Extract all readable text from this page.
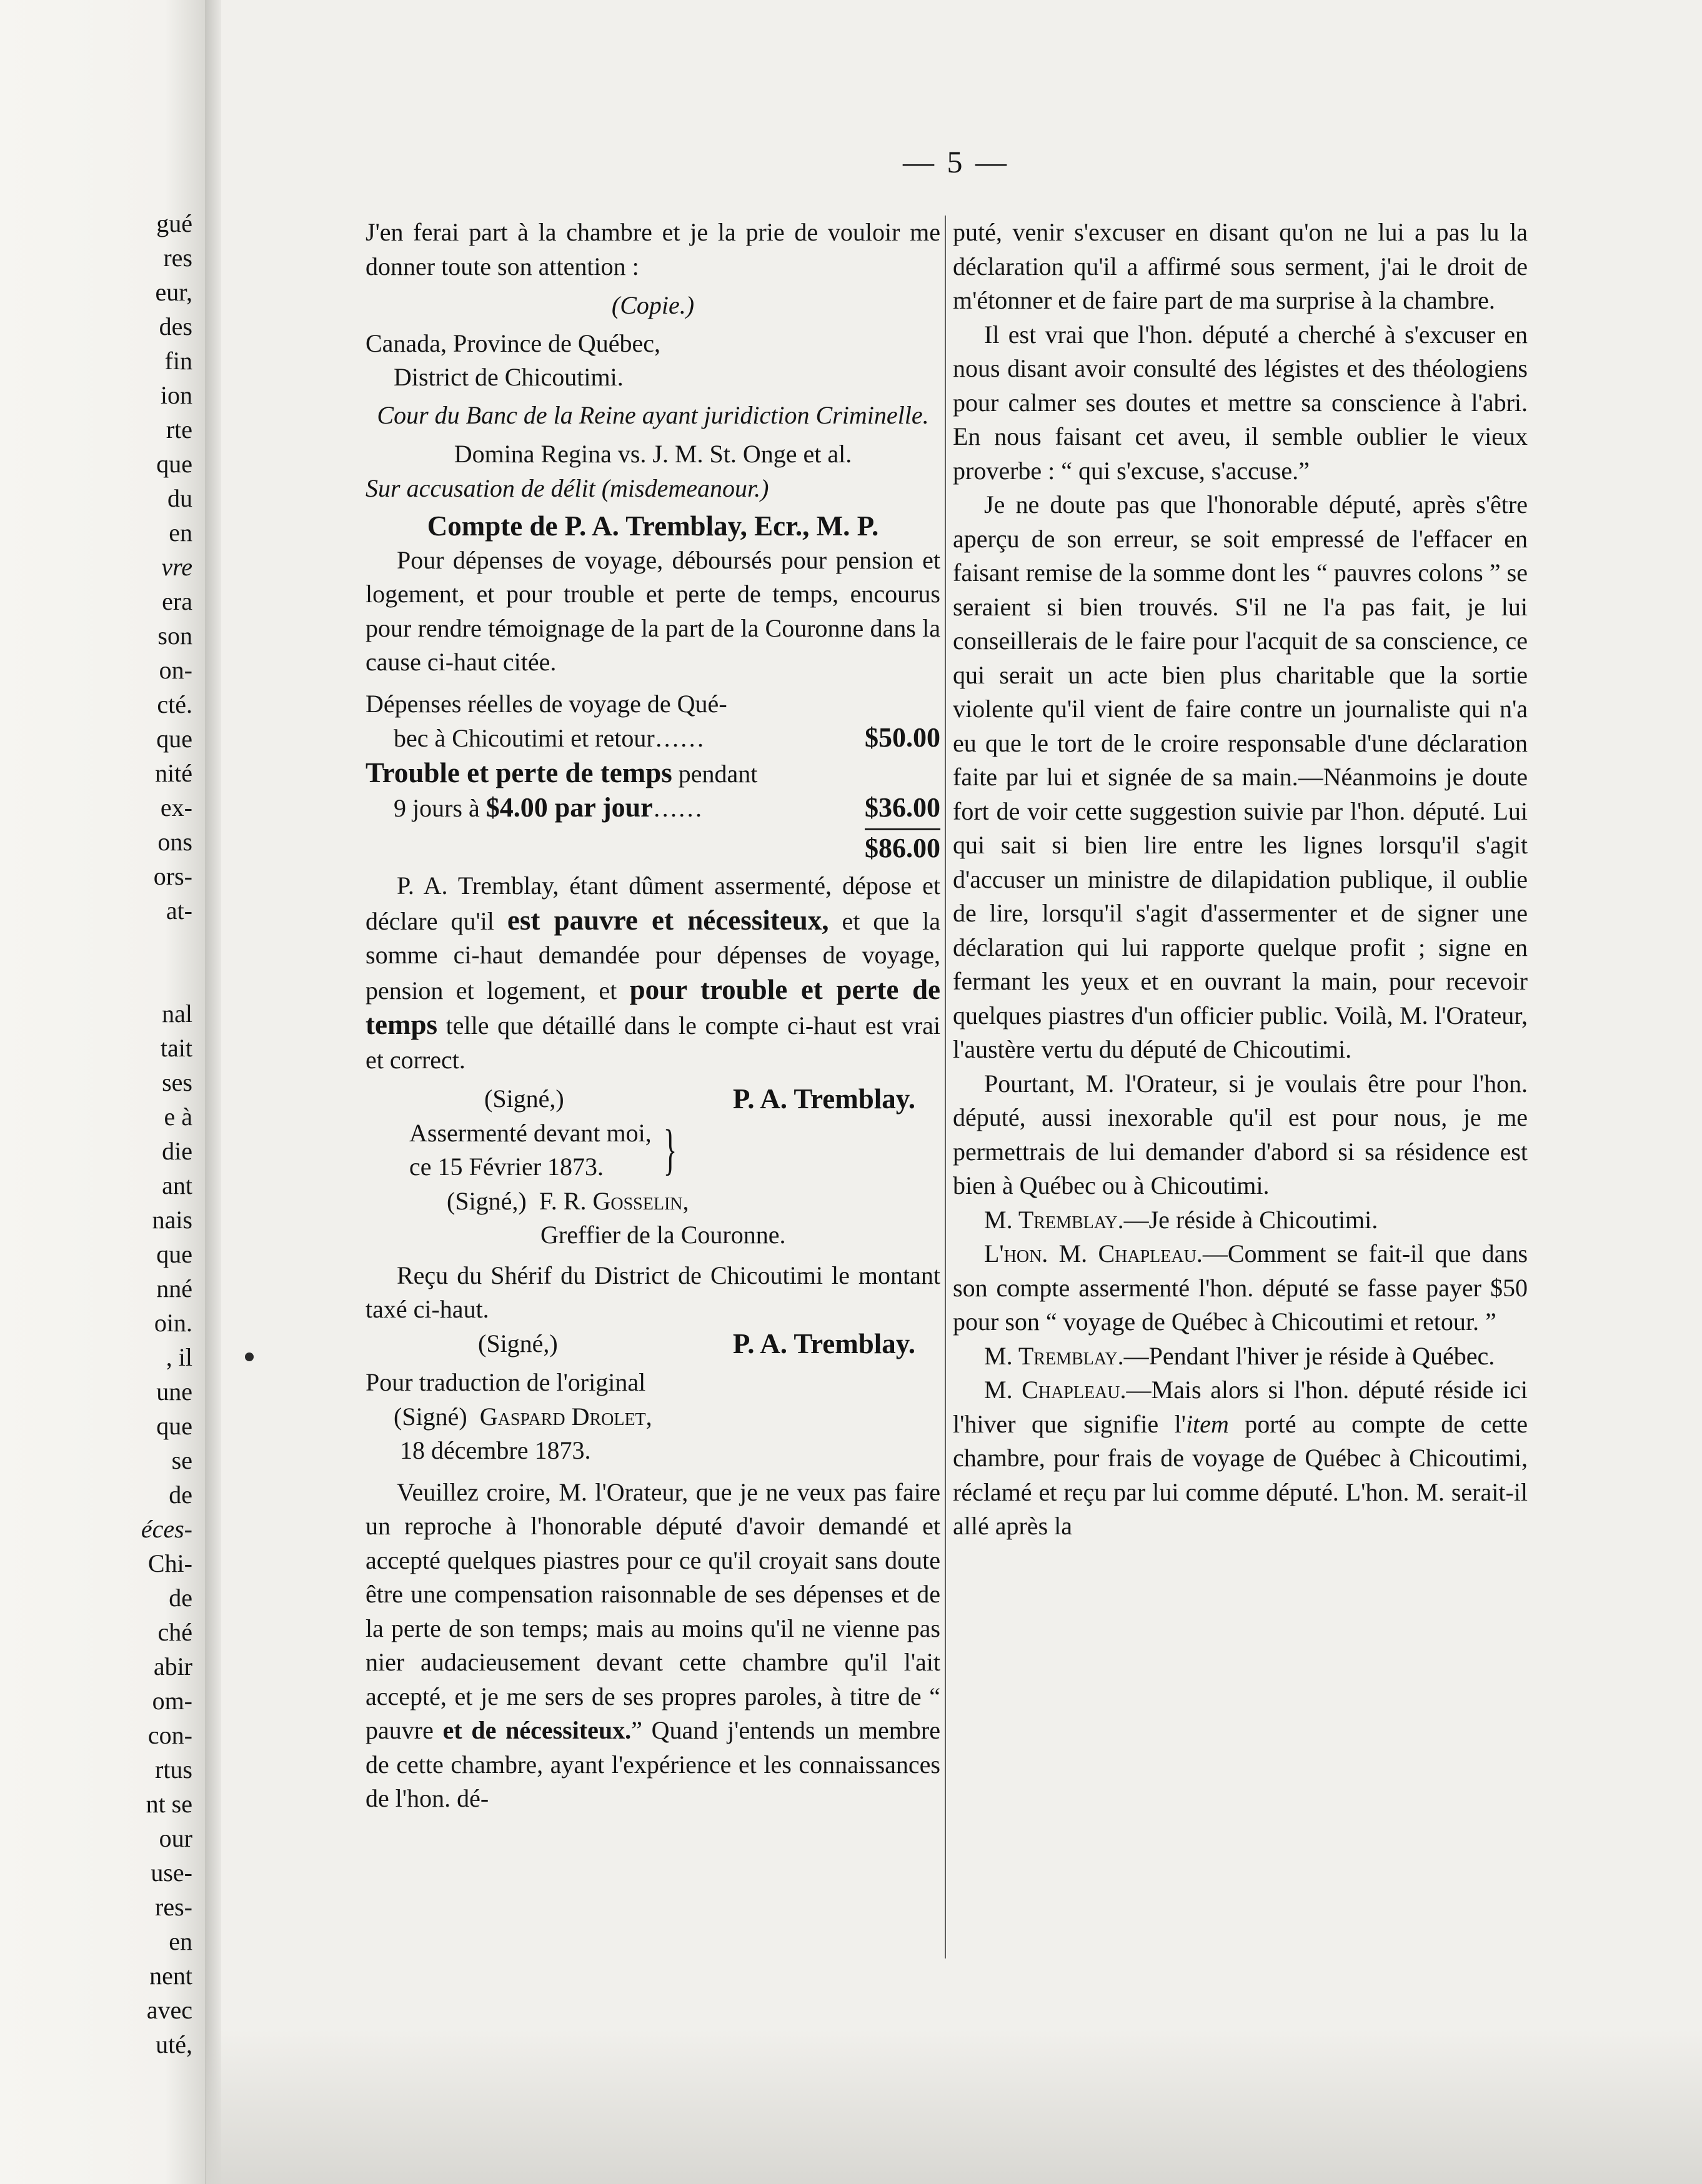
gué
res
eur,
des
fin
ion
rte
que
du
en
vre
era
son
on-
cté.
que
nité
ex-
ons
ors-
at-
nal
tait
ses
e à
die
ant
nais
que
nné
oin.
, il
une
que
se
de
éces-
Chi-
de
ché
abir
om-
con-
rtus
nt se
our
use-
res-
en
nent
avec
uté,
— 5 —

J'en ferai part à la chambre et je la prie de vouloir me donner toute son attention :

(Copie.)

Canada, Province de Québec,

District de Chicoutimi.

Cour du Banc de la Reine ayant juridiction Criminelle.

Domina Regina vs. J. M. St. Onge et al.

Sur accusation de délit (misdemeanour.)

Compte de P. A. Tremblay, Ecr., M. P.

Pour dépenses de voyage, déboursés pour pension et logement, et pour trouble et perte de temps, encourus pour rendre témoignage de la part de la Couronne dans la cause ci-haut citée.

Dépenses réelles de voyage de Qué-

bec à Chicoutimi et retour……	$50.00

Trouble et perte de temps pendant

9 jours à $4.00 par jour……	$36.00
$86.00

P. A. Tremblay, étant dûment assermenté, dépose et déclare qu'il est pauvre et nécessiteux, et que la somme ci-haut demandée pour dépenses de voyage, pension et logement, et pour trouble et perte de temps telle que détaillé dans le compte ci-haut est vrai et correct.

(Signé,)	P. A. Tremblay.

Assermenté devant moi,

ce 15 Février 1873.	}

(Signé,) F. R. Gosselin,

Greffier de la Couronne.

Reçu du Shérif du District de Chicoutimi le montant taxé ci-haut.

(Signé,)	P. A. Tremblay.

Pour traduction de l'original

(Signé) Gaspard Drolet,

18 décembre 1873.

Veuillez croire, M. l'Orateur, que je ne veux pas faire un reproche à l'honorable député d'avoir demandé et accepté quelques piastres pour ce qu'il croyait sans doute être une compensation raisonnable de ses dépenses et de la perte de son temps; mais au moins qu'il ne vienne pas nier audacieusement devant cette chambre qu'il l'ait accepté, et je me sers de ses propres paroles, à titre de “ pauvre et de nécessiteux.” Quand j'entends un membre de cette chambre, ayant l'expérience et les connaissances de l'hon. dé-

puté, venir s'excuser en disant qu'on ne lui a pas lu la déclaration qu'il a affirmé sous serment, j'ai le droit de m'étonner et de faire part de ma surprise à la chambre.

Il est vrai que l'hon. député a cherché à s'excuser en nous disant avoir consulté des légistes et des théologiens pour calmer ses doutes et mettre sa conscience à l'abri. En nous faisant cet aveu, il semble oublier le vieux proverbe : “ qui s'excuse, s'accuse.”

Je ne doute pas que l'honorable député, après s'être aperçu de son erreur, se soit empressé de l'effacer en faisant remise de la somme dont les “ pauvres colons ” se seraient si bien trouvés. S'il ne l'a pas fait, je lui conseillerais de le faire pour l'acquit de sa conscience, ce qui serait un acte bien plus charitable que la sortie violente qu'il vient de faire contre un journaliste qui n'a eu que le tort de le croire responsable d'une déclaration faite par lui et signée de sa main.—Néanmoins je doute fort de voir cette suggestion suivie par l'hon. député. Lui qui sait si bien lire entre les lignes lorsqu'il s'agit d'accuser un ministre de dilapidation publique, il oublie de lire, lorsqu'il s'agit d'assermenter et de signer une déclaration qui lui rapporte quelque profit ; signe en fermant les yeux et en ouvrant la main, pour recevoir quelques piastres d'un officier public. Voilà, M. l'Orateur, l'austère vertu du député de Chicoutimi.

Pourtant, M. l'Orateur, si je voulais être pour l'hon. député, aussi inexorable qu'il est pour nous, je me permettrais de lui demander d'abord si sa résidence est bien à Québec ou à Chicoutimi.

M. Tremblay.—Je réside à Chicoutimi.

L'hon. M. Chapleau.—Comment se fait-il que dans son compte assermenté l'hon. député se fasse payer $50 pour son “ voyage de Québec à Chicoutimi et retour. ”

M. Tremblay.—Pendant l'hiver je réside à Québec.

M. Chapleau.—Mais alors si l'hon. député réside ici l'hiver que signifie l'item porté au compte de cette chambre, pour frais de voyage de Québec à Chicoutimi, réclamé et reçu par lui comme député. L'hon. M. serait-il allé après la
